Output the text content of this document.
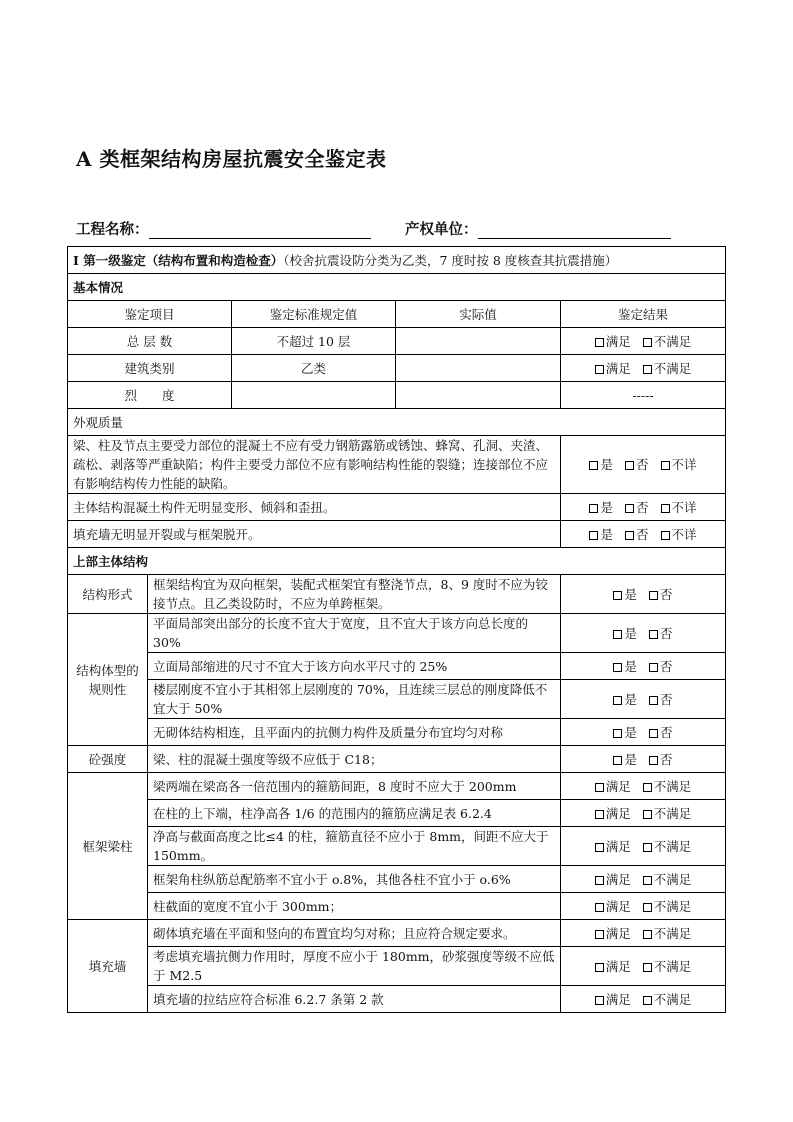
A 类框架结构房屋抗震安全鉴定表
工程名称：	产权单位：
Ⅰ 第一级鉴定（结构布置和构造检查）（校舍抗震设防分类为乙类，7 度时按 8 度核查其抗震措施）				
基本情况				
鉴定项目		鉴定标准规定值	实际值	鉴定结果
总 层 数		不超过 10 层		满足 不满足
建筑类别		乙类		满足 不满足
烈　　度				-----
外观质量				
梁、柱及节点主要受力部位的混凝土不应有受力钢筋露筋或锈蚀、蜂窝、孔洞、夹渣、疏松、剥落等严重缺陷；构件主要受力部位不应有影响结构性能的裂缝；连接部位不应有影响结构传力性能的缺陷。				是 否 不详
主体结构混凝土构件无明显变形、倾斜和歪扭。				是 否 不详
填充墙无明显开裂或与框架脱开。				是 否 不详
上部主体结构				
结构形式	框架结构宜为双向框架，装配式框架宜有整浇节点，8、9 度时不应为铰接节点。且乙类设防时，不应为单跨框架。			是 否
结构体型的规则性	平面局部突出部分的长度不宜大于宽度，且不宜大于该方向总长度的 30%			是 否
	立面局部缩进的尺寸不宜大于该方向水平尺寸的 25%			是 否
	楼层刚度不宜小于其相邻上层刚度的 70%，且连续三层总的刚度降低不宜大于 50%			是 否
	无砌体结构相连，且平面内的抗侧力构件及质量分布宜均匀对称			是 否
砼强度	梁、柱的混凝土强度等级不应低于 C18；			是 否
框架梁柱	梁两端在梁高各一倍范围内的箍筋间距，8 度时不应大于 200mm			满足 不满足
	在柱的上下端，柱净高各 1/6 的范围内的箍筋应满足表 6.2.4			满足 不满足
	净高与截面高度之比≤4 的柱，箍筋直径不应小于 8mm，间距不应大于 150mm。			满足 不满足
	框架角柱纵筋总配筋率不宜小于 o.8%，其他各柱不宜小于 o.6%			满足 不满足
	柱截面的宽度不宜小于 300mm；			满足 不满足
填充墙	砌体填充墙在平面和竖向的布置宜均匀对称；且应符合规定要求。			满足 不满足
	考虑填充墙抗侧力作用时，厚度不应小于 180mm，砂浆强度等级不应低于 M2.5			满足 不满足
	填充墙的拉结应符合标准 6.2.7 条第 2 款			满足 不满足
